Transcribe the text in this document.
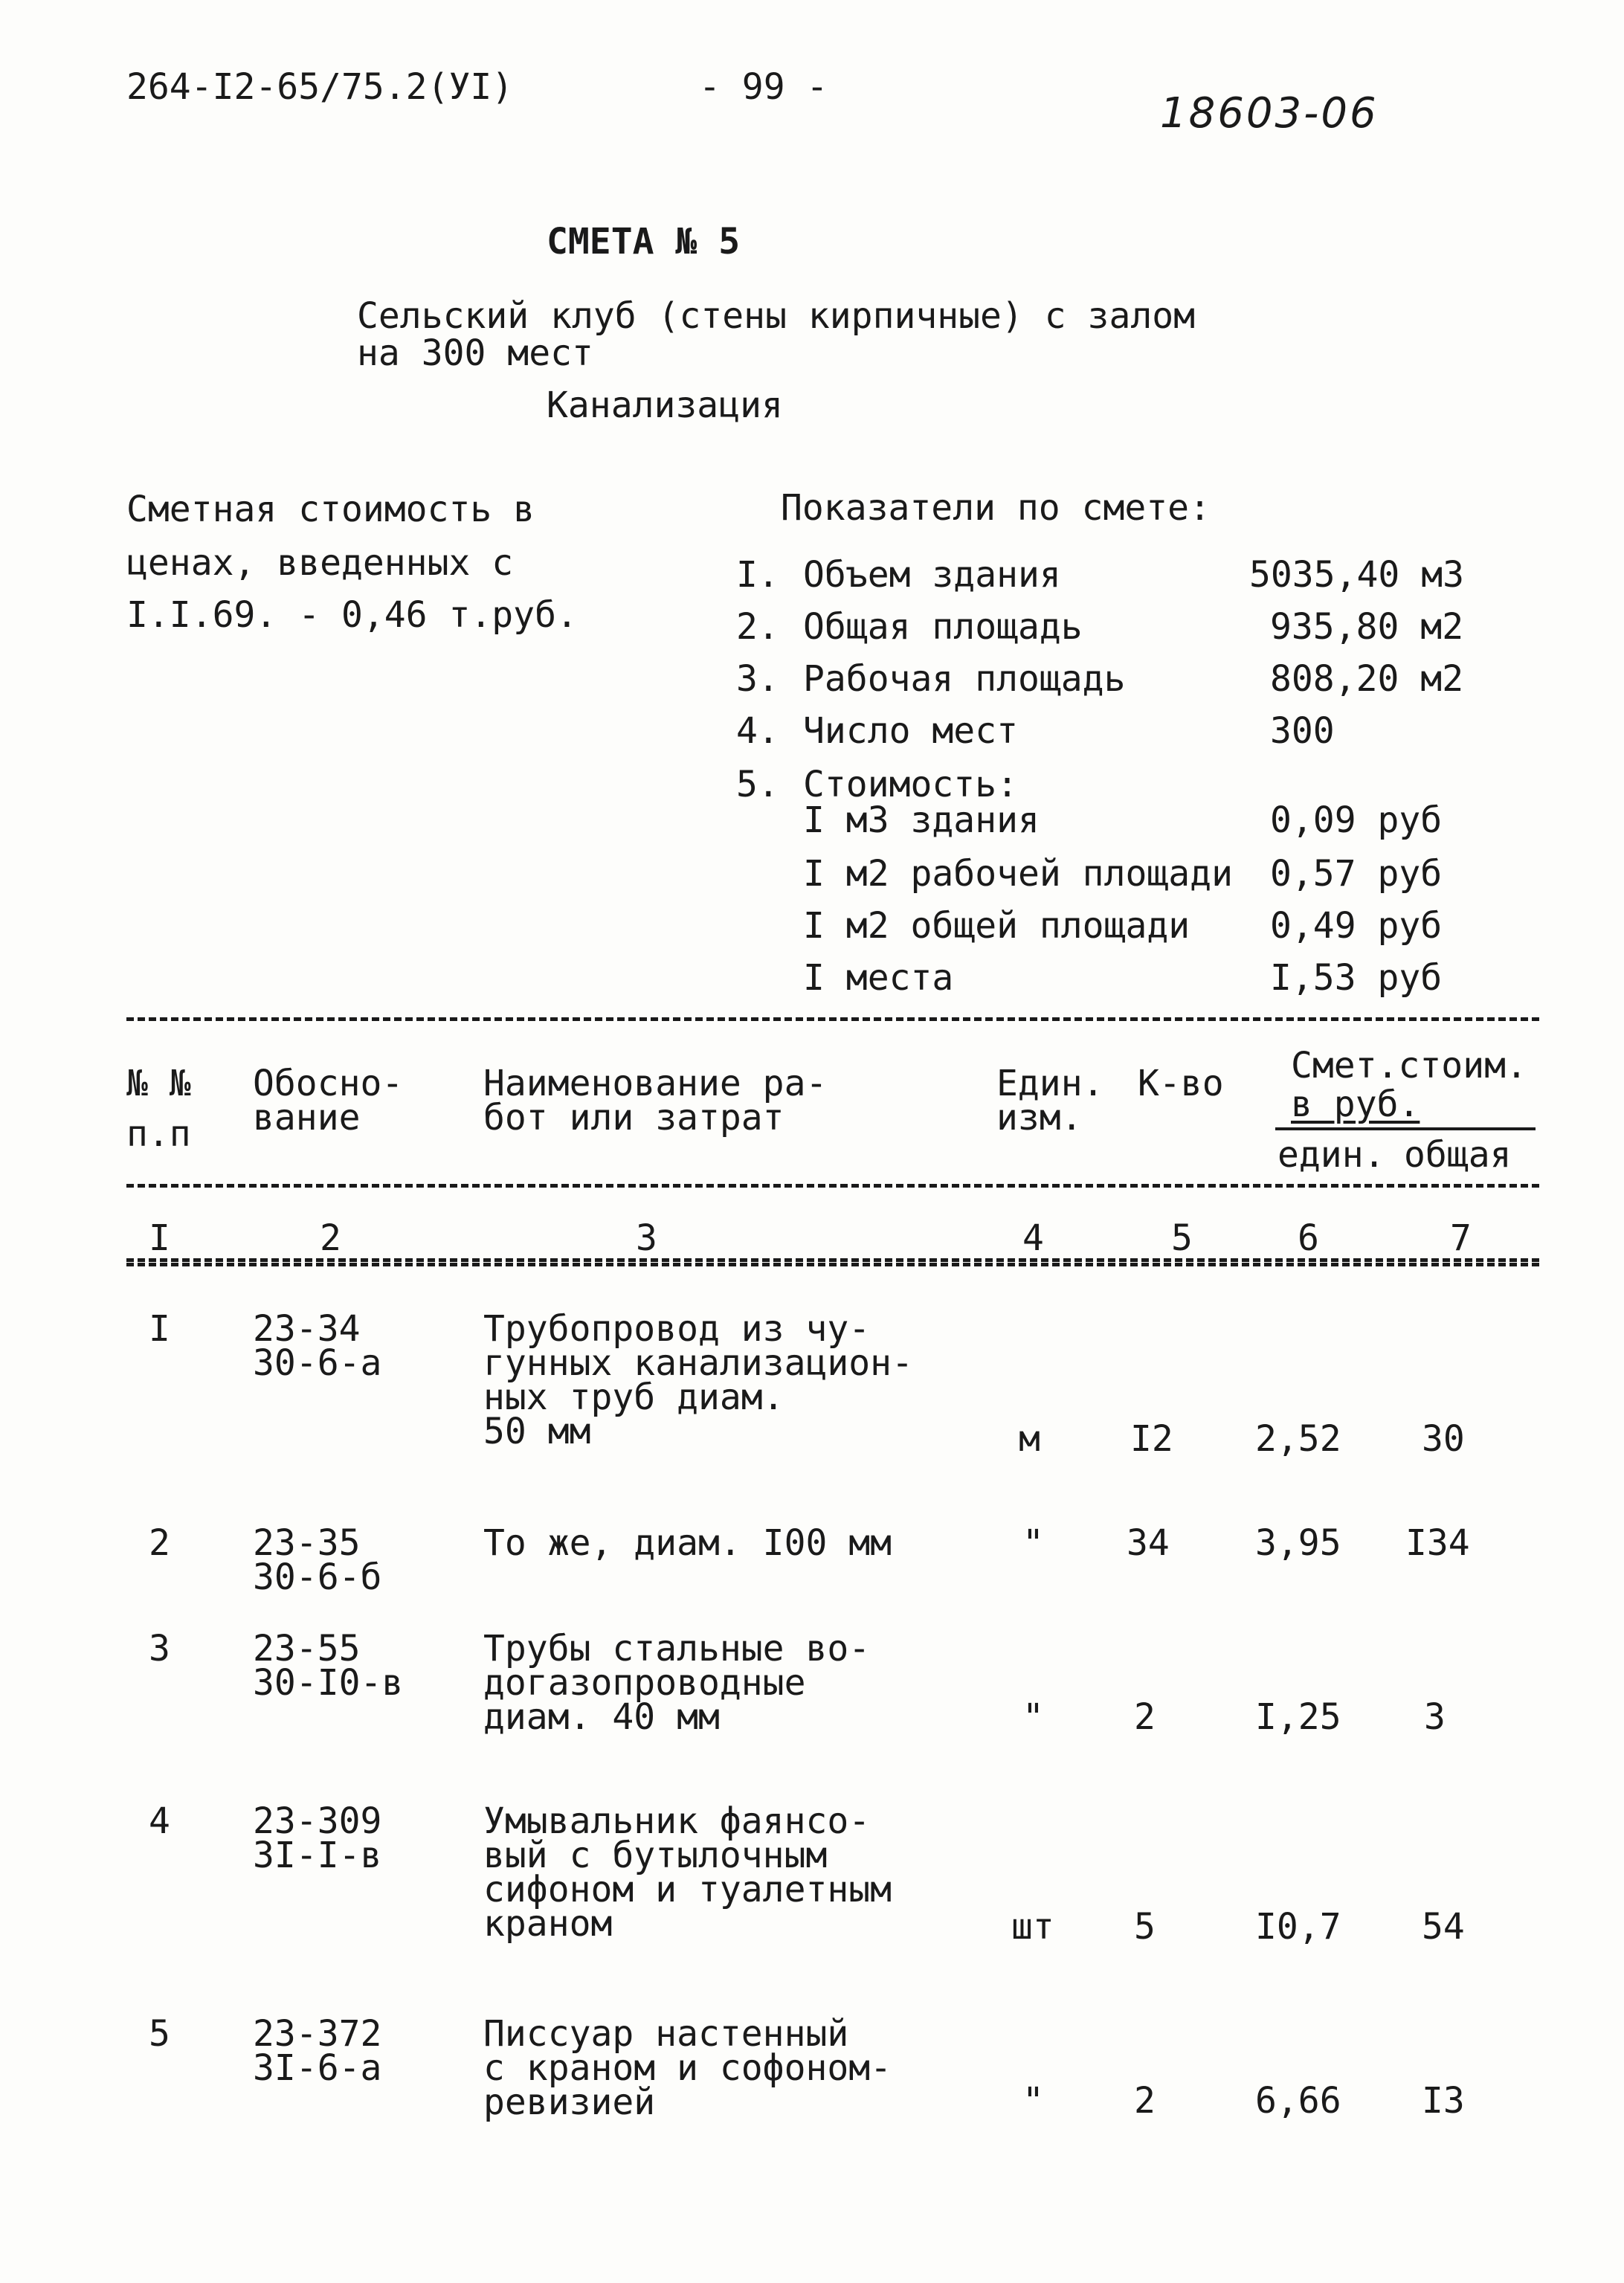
264-I2-65/75.2(УI)	- 99 -
18603-06
СМЕТА № 5
Сельский клуб (стены кирпичные) с залом
на 300 мест
Канализация
Сметная стоимость в
ценах, введенных с
I.I.69. - 0,46 т.руб.
Показатели по смете:
I. Объем здания	5035,40 м3
2. Общая площадь	935,80 м2
3. Рабочая площадь	808,20 м2
4. Число мест	300
5. Стоимость:
I м3 здания	0,09 руб
I м2 рабочей площади 0,57 руб
I м2 общей площади 0,49 руб
I места	I,53 руб
№ №
п.п
Обосно-
вание
Наименование ра-
бот или затрат
Един.
изм.
К-во Смет.стоим.
в руб.
един. общая
I	2	3	4	5	6	7
I 23-34
30-6-а
Трубопровод из чу-
гунных канализацион-
ных труб диам.
50 мм	м	I2 2,52 30
2 23-35
30-6-б
То же, диам. I00 мм	" 34 3,95 I34
3 23-55
30-I0-в
Трубы стальные во-
догазопроводные
диам. 40 мм	"	2	I,25 3
4 23-309
3I-I-в
Умывальник фаянсо-
вый с бутылочным
сифоном и туалетным
краном	шт 5	I0,7 54
5 23-372
3I-6-а
Писсуар настенный
с краном и софоном-
ревизией	"	2	6,66 I3
